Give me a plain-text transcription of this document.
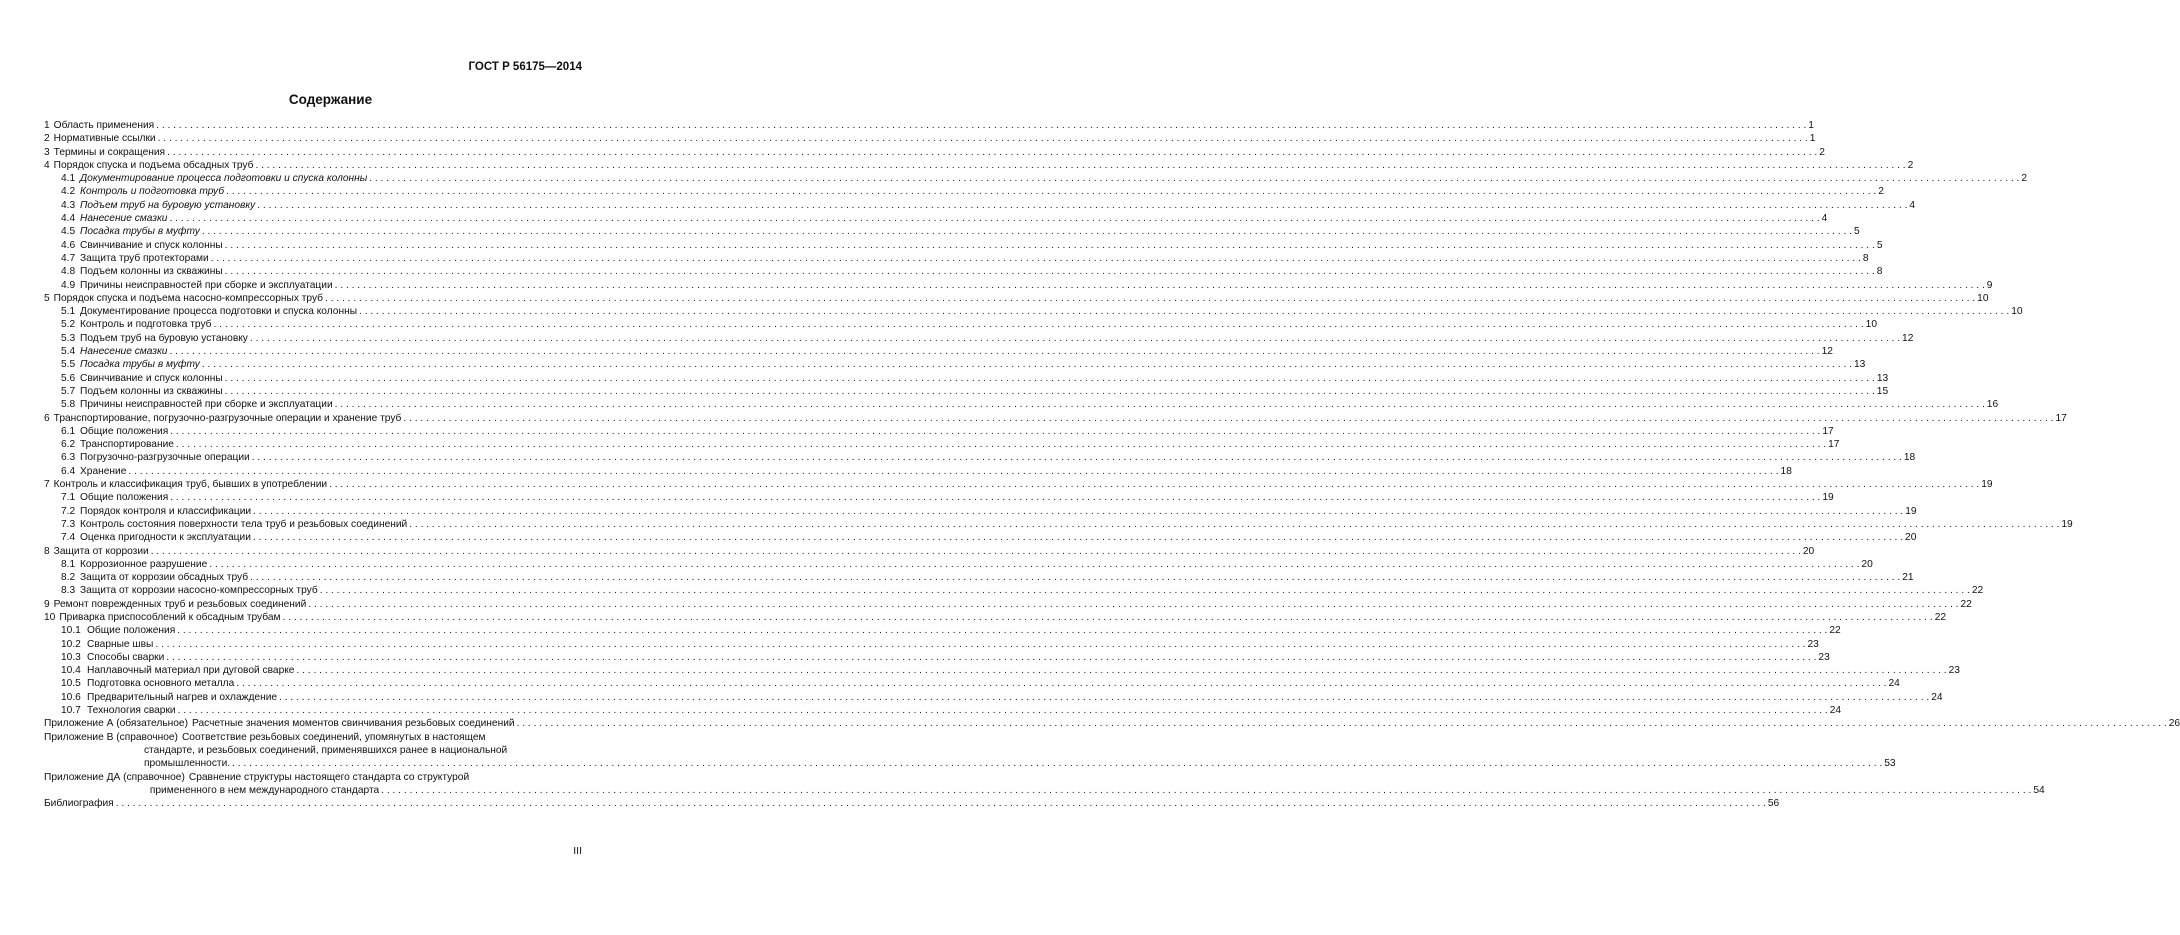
ГОСТ Р 56175—2014
Содержание
1 Область применения . . .	1
2 Нормативные ссылки . . .	1
3 Термины и сокращения . . .	2
4 Порядок спуска и подъема обсадных труб . . .	2
4.1 Документирование процесса подготовки и спуска колонны . . .	2
4.2 Контроль и подготовка труб . . .	2
4.3 Подъем труб на буровую установку . . .	4
4.4 Нанесение смазки . . .	4
4.5 Посадка трубы в муфту . . .	5
4.6 Свинчивание и спуск колонны . . .	5
4.7 Защита труб протекторами . . .	8
4.8 Подъем колонны из скважины . . .	8
4.9 Причины неисправностей при сборке и эксплуатации . . .	9
5 Порядок спуска и подъема насосно-компрессорных труб . . .	10
5.1 Документирование процесса подготовки и спуска колонны . . .	10
5.2 Контроль и подготовка труб . . .	10
5.3 Подъем труб на буровую установку . . .	12
5.4 Нанесение смазки . . .	12
5.5 Посадка трубы в муфту . . .	13
5.6 Свинчивание и спуск колонны . . .	13
5.7 Подъем колонны из скважины . . .	15
5.8 Причины неисправностей при сборке и эксплуатации . . .	16
6 Транспортирование, погрузочно-разгрузочные операции и хранение труб . . .	17
6.1 Общие положения . . .	17
6.2 Транспортирование . . .	17
6.3 Погрузочно-разгрузочные операции . . .	18
6.4 Хранение . . .	18
7 Контроль и классификация труб, бывших в употреблении . . .	19
7.1 Общие положения . . .	19
7.2 Порядок контроля и классификации . . .	19
7.3 Контроль состояния поверхности тела труб и резьбовых соединений . . .	19
7.4 Оценка пригодности к эксплуатации . . .	20
8 Защита от коррозии . . .	20
8.1 Коррозионное разрушение . . .	20
8.2 Защита от коррозии обсадных труб . . .	21
8.3 Защита от коррозии насосно-компрессорных труб . . .	22
9 Ремонт поврежденных труб и резьбовых соединений . . .	22
10 Приварка приспособлений к обсадным трубам . . .	22
10.1 Общие положения . . .	22
10.2 Сварные швы . . .	23
10.3 Способы сварки . . .	23
10.4 Наплавочный материал при дуговой сварке . . .	23
10.5 Подготовка основного металла . . .	24
10.6 Предварительный нагрев и охлаждение . . .	24
10.7 Технология сварки . . .	24
Приложение А (обязательное) Расчетные значения моментов свинчивания резьбовых соединений . . .	26
Приложение В (справочное) Соответствие резьбовых соединений, упомянутых в настоящем
стандарте, и резьбовых соединений, применявшихся ранее в национальной
промышленности. . . .	53
Приложение ДА (справочное) Сравнение структуры настоящего стандарта со структурой
примененного в нем международного стандарта . . .	54
Библиография . . .	56
III
